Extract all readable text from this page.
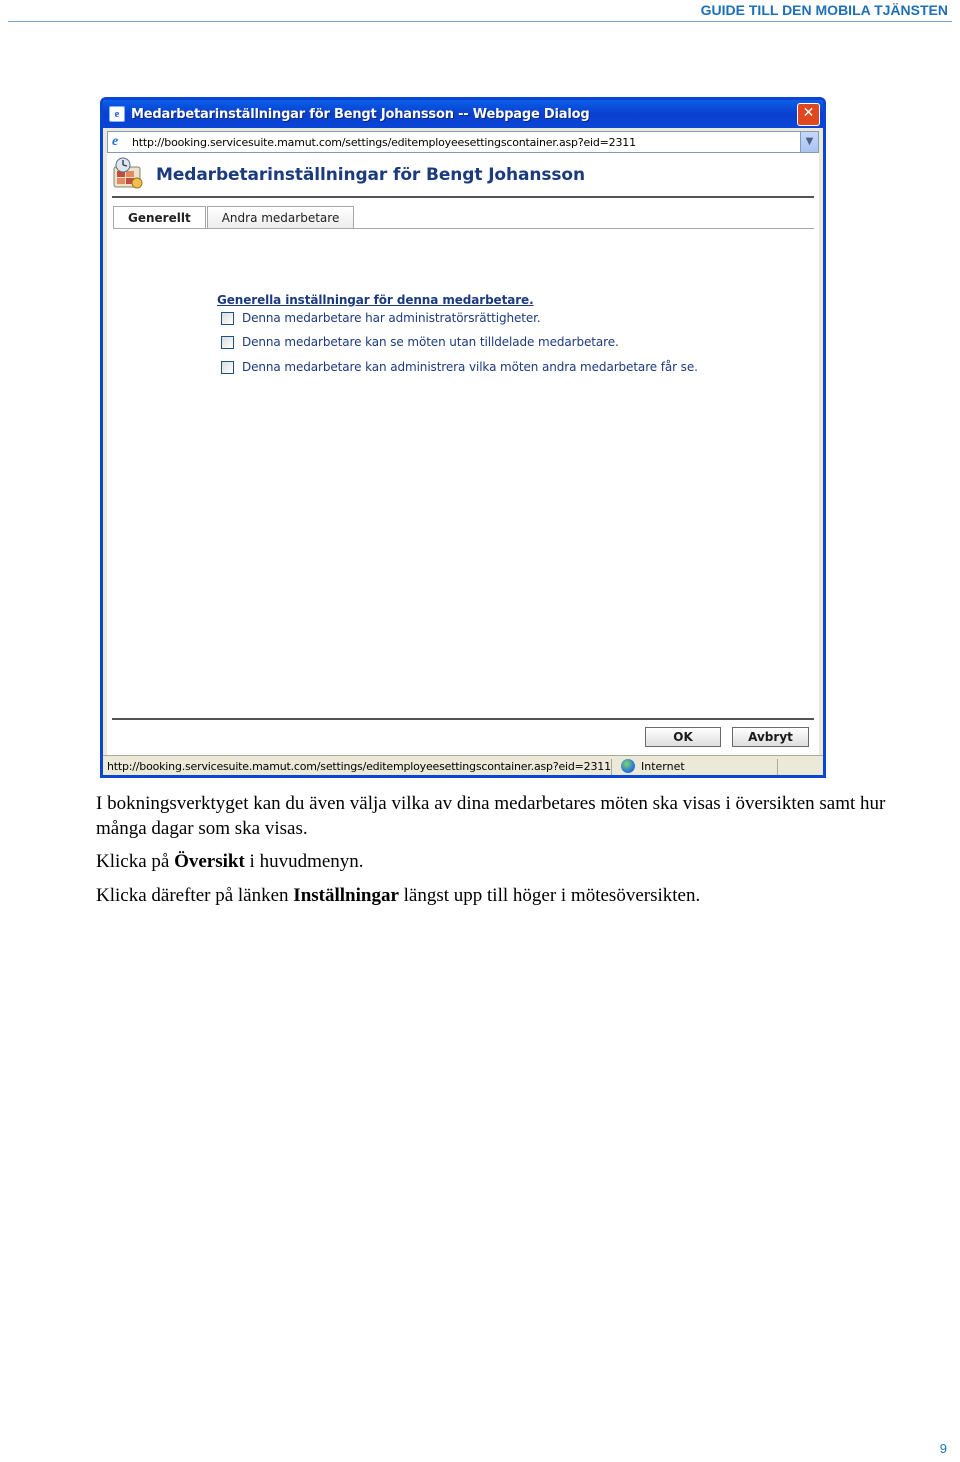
GUIDE TILL DEN MOBILA TJÄNSTEN
e Medarbetarinställningar för Bengt Johansson -- Webpage Dialog	✕
e	http://booking.servicesuite.mamut.com/settings/editemployeesettingscontainer.asp?eid=2311	▼
Medarbetarinställningar för Bengt Johansson
Generellt	Andra medarbetare
Generella inställningar för denna medarbetare.
Denna medarbetare har administratörsrättigheter.
Denna medarbetare kan se möten utan tilldelade medarbetare.
Denna medarbetare kan administrera vilka möten andra medarbetare får se.
OK	Avbryt
http://booking.servicesuite.mamut.com/settings/editemployeesettingscontainer.asp?eid=2311	Internet
I bokningsverktyget kan du även välja vilka av dina medarbetares möten ska visas i översikten samt hur många dagar som ska visas.
Klicka på Översikt i huvudmenyn.
Klicka därefter på länken Inställningar längst upp till höger i mötesöversikten.
9
